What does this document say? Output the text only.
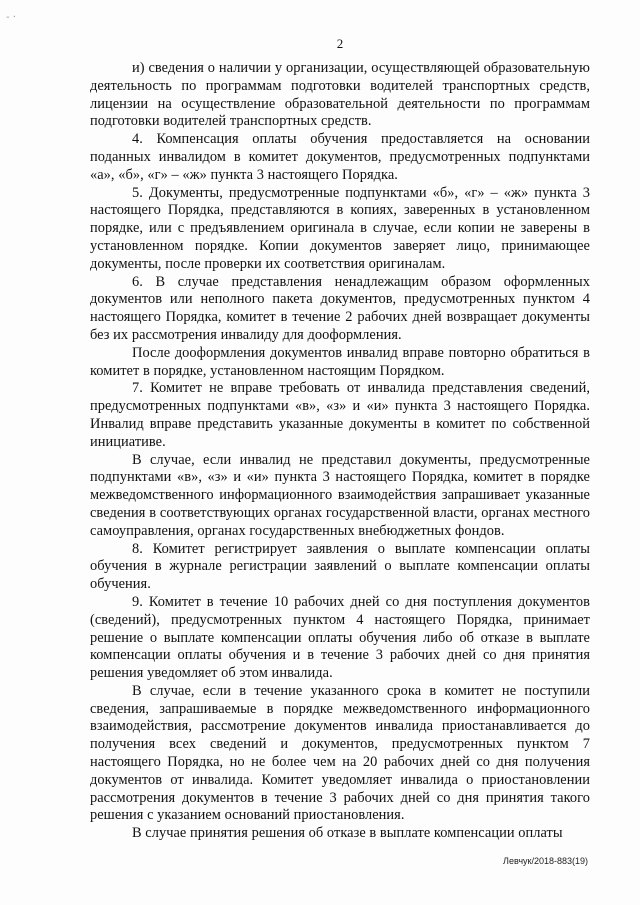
- ·
2

и) сведения о наличии у организации, осуществляющей образовательную деятельность по программам подготовки водителей транспортных средств, лицензии на осуществление образовательной деятельности по программам подготовки водителей транспортных средств.

4. Компенсация оплаты обучения предоставляется на основании поданных инвалидом в комитет документов, предусмотренных подпунктами «а», «б», «г» – «ж» пункта 3 настоящего Порядка.

5. Документы, предусмотренные подпунктами «б», «г» – «ж» пункта 3 настоящего Порядка, представляются в копиях, заверенных в установленном порядке, или с предъявлением оригинала в случае, если копии не заверены в установленном порядке. Копии документов заверяет лицо, принимающее документы, после проверки их соответствия оригиналам.

6. В случае представления ненадлежащим образом оформленных документов или неполного пакета документов, предусмотренных пунктом 4 настоящего Порядка, комитет в течение 2 рабочих дней возвращает документы без их рассмотрения инвалиду для дооформления.

После дооформления документов инвалид вправе повторно обратиться в комитет в порядке, установленном настоящим Порядком.

7. Комитет не вправе требовать от инвалида представления сведений, предусмотренных подпунктами «в», «з» и «и» пункта 3 настоящего Порядка. Инвалид вправе представить указанные документы в комитет по собственной инициативе.

В случае, если инвалид не представил документы, предусмотренные подпунктами «в», «з» и «и» пункта 3 настоящего Порядка, комитет в порядке межведомственного информационного взаимодействия запрашивает указанные сведения в соответствующих органах государственной власти, органах местного самоуправления, органах государственных внебюджетных фондов.

8. Комитет регистрирует заявления о выплате компенсации оплаты обучения в журнале регистрации заявлений о выплате компенсации оплаты обучения.

9. Комитет в течение 10 рабочих дней со дня поступления документов (сведений), предусмотренных пунктом 4 настоящего Порядка, принимает решение о выплате компенсации оплаты обучения либо об отказе в выплате компенсации оплаты обучения и в течение 3 рабочих дней со дня принятия решения уведомляет об этом инвалида.

В случае, если в течение указанного срока в комитет не поступили сведения, запрашиваемые в порядке межведомственного информационного взаимодействия, рассмотрение документов инвалида приостанавливается до получения всех сведений и документов, предусмотренных пунктом 7 настоящего Порядка, но не более чем на 20 рабочих дней со дня получения документов от инвалида. Комитет уведомляет инвалида о приостановлении рассмотрения документов в течение 3 рабочих дней со дня принятия такого решения с указанием оснований приостановления.

В случае принятия решения об отказе в выплате компенсации оплаты

Левчук/2018-883(19)
